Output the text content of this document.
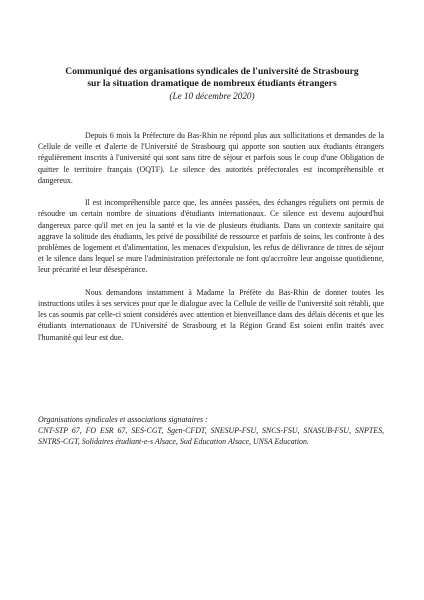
Communiqué des organisations syndicales de l'université de Strasbourg
sur la situation dramatique de nombreux étudiants étrangers
(Le 10 décembre 2020)

Depuis 6 mois la Préfecture du Bas-Rhin ne répond plus aux sollicitations et demandes de la Cellule de veille et d'alerte de l'Université de Strasbourg qui apporte son soutien aux étudiants étrangers régulièrement inscrits à l'université qui sont sans titre de séjour et parfois sous le coup d'une Obligation de quitter le territoire français (OQTF). Le silence des autorités préfectorales est incompréhensible et dangereux.

Il est incompréhensible parce que, les années passées, des échanges réguliers ont permis de résoudre un certain nombre de situations d'étudiants internationaux. Ce silence est devenu aujourd'hui dangereux parce qu'il met en jeu la santé et la vie de plusieurs étudiants. Dans un contexte sanitaire qui aggrave la solitude des étudiants, les privé de possibilité de ressource et parfois de soins, les confronte à des problèmes de logement et d'alimentation, les menaces d'expulsion, les refus de délivrance de titres de séjour et le silence dans lequel se mure l'administration préfectorale ne font qu'accroître leur angoisse quotidienne, leur précarité et leur désespérance.

Nous demandons instamment à Madame la Préfète du Bas-Rhin de donner toutes les instructions utiles à ses services pour que le dialogue avec la Cellule de veille de l'université soit rétabli, que les cas soumis par celle-ci soient considérés avec attention et bienveillance dans des délais décents et que les étudiants internationaux de l'Université de Strasbourg et la Région Grand Est soient enfin traités avec l'humanité qui leur est due.

Organisations syndicales et associations signataires :

CNT-STP 67, FO ESR 67, SES-CGT, Sgen-CFDT, SNESUP-FSU, SNCS-FSU, SNASUB-FSU, SNPTES, SNTRS-CGT, Solidaires étudiant-e-s Alsace, Sud Education Alsace, UNSA Education.
